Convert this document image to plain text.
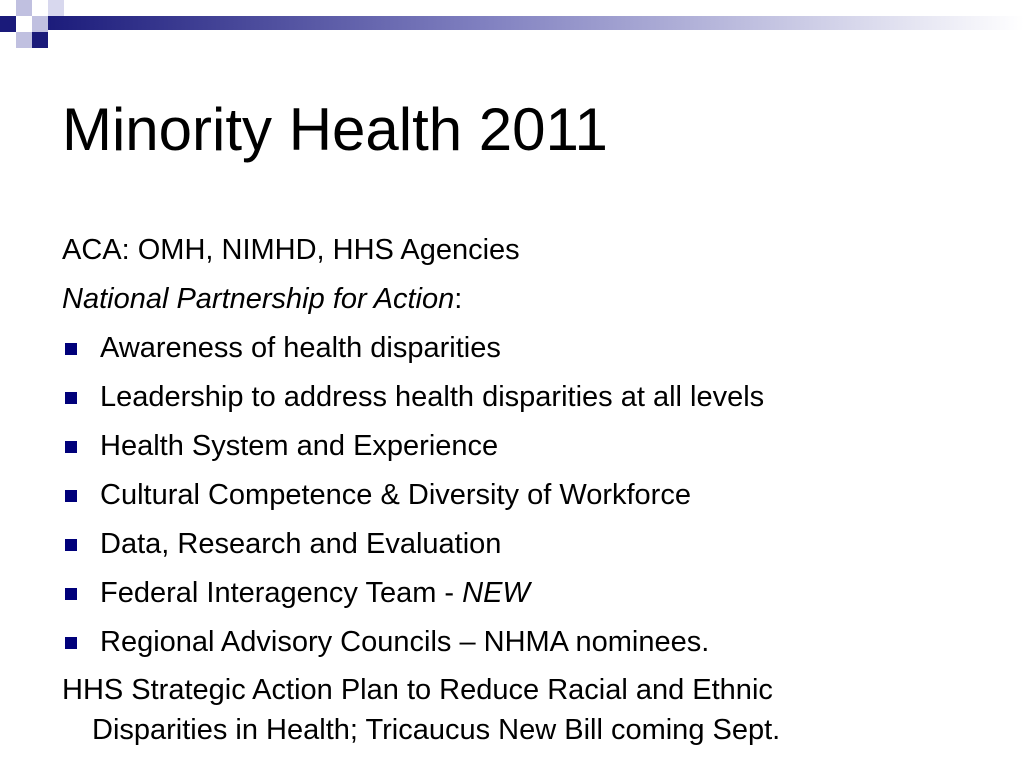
Minority Health 2011
ACA: OMH, NIMHD, HHS Agencies
National Partnership for Action:
Awareness of health disparities
Leadership to address health disparities at all levels
Health System and Experience
Cultural Competence & Diversity of Workforce
Data, Research and Evaluation
Federal Interagency Team - NEW
Regional Advisory Councils – NHMA nominees.
HHS Strategic Action Plan to Reduce Racial and Ethnic
Disparities in Health; Tricaucus New Bill coming Sept.
